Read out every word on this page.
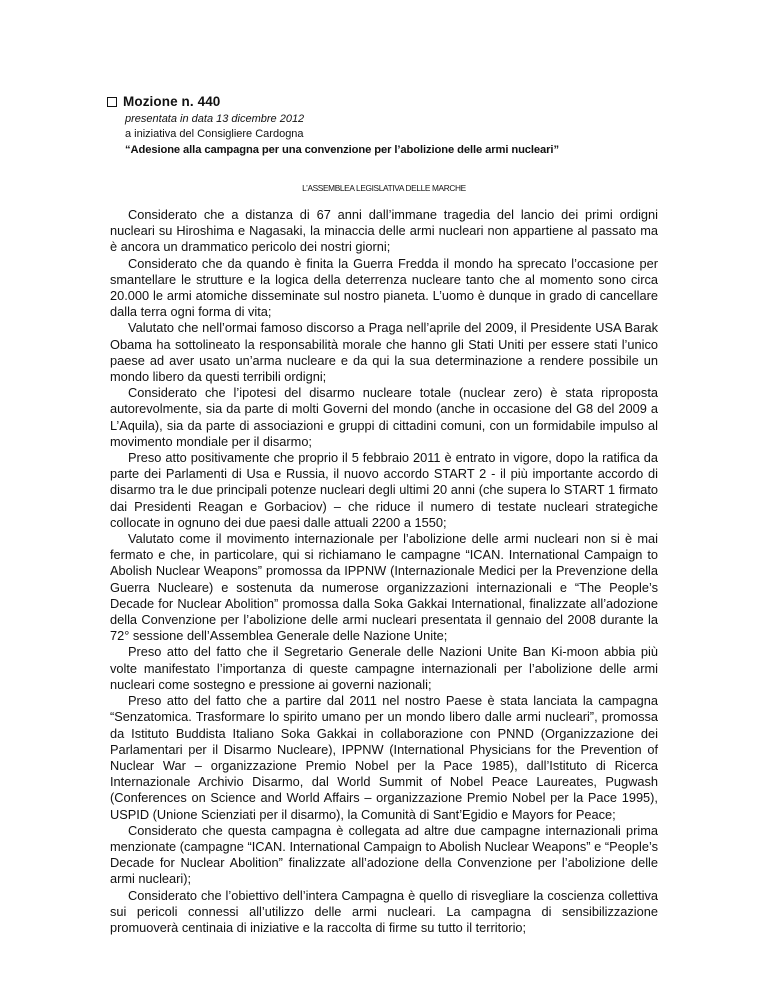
Mozione n. 440
presentata in data 13 dicembre 2012
a iniziativa del Consigliere Cardogna
“Adesione alla campagna per una convenzione per l’abolizione delle armi nucleari”
L’ASSEMBLEA LEGISLATIVA DELLE MARCHE

Considerato che a distanza di 67 anni dall’immane tragedia del lancio dei primi ordigni nucleari su Hiroshima e Nagasaki, la minaccia delle armi nucleari non appartiene al passato ma è ancora un drammatico pericolo dei nostri giorni;

Considerato che da quando è finita la Guerra Fredda il mondo ha sprecato l’occasione per smantellare le strutture e la logica della deterrenza nucleare tanto che al momento sono circa 20.000 le armi atomiche disseminate sul nostro pianeta. L’uomo è dunque in grado di cancellare dalla terra ogni forma di vita;

Valutato che nell’ormai famoso discorso a Praga nell’aprile del 2009, il Presidente USA Barak Obama ha sottolineato la responsabilità morale che hanno gli Stati Uniti per essere stati l’unico paese ad aver usato un’arma nucleare e da qui la sua determinazione a rendere possibile un mondo libero da questi terribili ordigni;

Considerato che l’ipotesi del disarmo nucleare totale (nuclear zero) è stata riproposta autorevolmente, sia da parte di molti Governi del mondo (anche in occasione del G8 del 2009 a L’Aquila), sia da parte di associazioni e gruppi di cittadini comuni, con un formidabile impulso al movimento mondiale per il disarmo;

Preso atto positivamente che proprio il 5 febbraio 2011 è entrato in vigore, dopo la ratifica da parte dei Parlamenti di Usa e Russia, il nuovo accordo START 2 - il più importante accordo di disarmo tra le due principali potenze nucleari degli ultimi 20 anni (che supera lo START 1 firmato dai Presidenti Reagan e Gorbaciov) – che riduce il numero di testate nucleari strategiche collocate in ognuno dei due paesi dalle attuali 2200 a 1550;

Valutato come il movimento internazionale per l’abolizione delle armi nucleari non si è mai fermato e che, in particolare, qui si richiamano le campagne “ICAN. International Campaign to Abolish Nuclear Weapons” promossa da IPPNW (Internazionale Medici per la Prevenzione della Guerra Nucleare) e sostenuta da numerose organizzazioni internazionali e “The People’s Decade for Nuclear Abolition” promossa dalla Soka Gakkai International, finalizzate all’adozione della Convenzione per l’abolizione delle armi nucleari presentata il gennaio del 2008 durante la 72° sessione dell’Assemblea Generale delle Nazione Unite;

Preso atto del fatto che il Segretario Generale delle Nazioni Unite Ban Ki-moon abbia più volte manifestato l’importanza di queste campagne internazionali per l’abolizione delle armi nucleari come sostegno e pressione ai governi nazionali;

Preso atto del fatto che a partire dal 2011 nel nostro Paese è stata lanciata la campagna “Senzatomica. Trasformare lo spirito umano per un mondo libero dalle armi nucleari”, promossa da Istituto Buddista Italiano Soka Gakkai in collaborazione con PNND (Organizzazione dei Parlamentari per il Disarmo Nucleare), IPPNW (International Physicians for the Prevention of Nuclear War – organizzazione Premio Nobel per la Pace 1985), dall’Istituto di Ricerca Internazionale Archivio Disarmo, dal World Summit of Nobel Peace Laureates, Pugwash (Conferences on Science and World Affairs – organizzazione Premio Nobel per la Pace 1995), USPID (Unione Scienziati per il disarmo), la Comunità di Sant’Egidio e Mayors for Peace;

Considerato che questa campagna è collegata ad altre due campagne internazionali prima menzionate (campagne “ICAN. International Campaign to Abolish Nuclear Weapons” e “People’s Decade for Nuclear Abolition” finalizzate all’adozione della Convenzione per l’abolizione delle armi nucleari);

Considerato che l’obiettivo dell’intera Campagna è quello di risvegliare la coscienza collettiva sui pericoli connessi all’utilizzo delle armi nucleari. La campagna di sensibilizzazione promuoverà centinaia di iniziative e la raccolta di firme su tutto il territorio;
